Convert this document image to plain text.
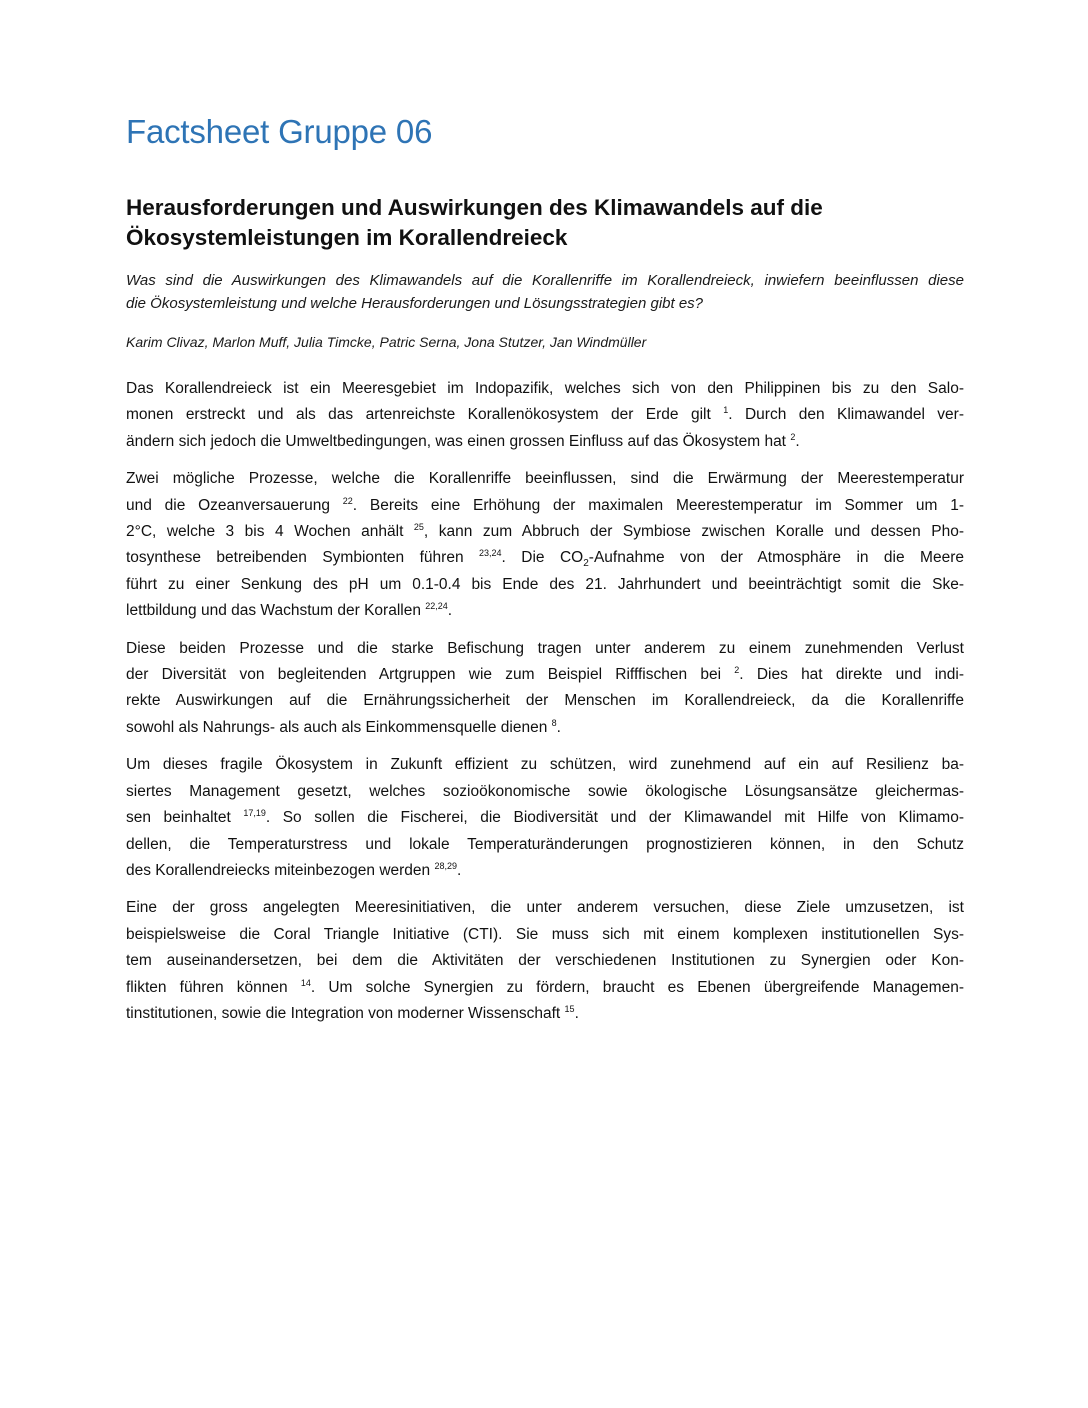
Factsheet Gruppe 06
Herausforderungen und Auswirkungen des Klimawandels auf die
Ökosystemleistungen im Korallendreieck

Was sind die Auswirkungen des Klimawandels auf die Korallenriffe im Korallendreieck, inwiefern beeinflussen diese
die Ökosystemleistung und welche Herausforderungen und Lösungsstrategien gibt es?

Karim Clivaz, Marlon Muff, Julia Timcke, Patric Serna, Jona Stutzer, Jan Windmüller

Das Korallendreieck ist ein Meeresgebiet im Indopazifik, welches sich von den Philippinen bis zu den Salo-
monen erstreckt und als das artenreichste Korallenökosystem der Erde gilt $^1$. Durch den Klimawandel ver-
ändern sich jedoch die Umweltbedingungen, was einen grossen Einfluss auf das Ökosystem hat $^2$.

Zwei mögliche Prozesse, welche die Korallenriffe beeinflussen, sind die Erwärmung der Meerestemperatur
und die Ozeanversauerung $^{22}$. Bereits eine Erhöhung der maximalen Meerestemperatur im Sommer um 1-
2°C, welche 3 bis 4 Wochen anhält $^{25}$, kann zum Abbruch der Symbiose zwischen Koralle und dessen Pho-
tosynthese betreibenden Symbionten führen $^{23,24}$. Die $CO_2$-Aufnahme von der Atmosphäre in die Meere
führt zu einer Senkung des pH um 0.1-0.4 bis Ende des 21. Jahrhundert und beeinträchtigt somit die Ske-
lettbildung und das Wachstum der Korallen $^{22,24}$.

Diese beiden Prozesse und die starke Befischung tragen unter anderem zu einem zunehmenden Verlust
der Diversität von begleitenden Artgruppen wie zum Beispiel Rifffischen bei $^2$. Dies hat direkte und indi-
rekte Auswirkungen auf die Ernährungssicherheit der Menschen im Korallendreieck, da die Korallenriffe
sowohl als Nahrungs- als auch als Einkommensquelle dienen $^8$.

Um dieses fragile Ökosystem in Zukunft effizient zu schützen, wird zunehmend auf ein auf Resilienz ba-
siertes Management gesetzt, welches sozioökonomische sowie ökologische Lösungsansätze gleichermas-
sen beinhaltet $^{17,19}$. So sollen die Fischerei, die Biodiversität und der Klimawandel mit Hilfe von Klimamo-
dellen, die Temperaturstress und lokale Temperaturänderungen prognostizieren können, in den Schutz
des Korallendreiecks miteinbezogen werden $^{28,29}$.

Eine der gross angelegten Meeresinitiativen, die unter anderem versuchen, diese Ziele umzusetzen, ist
beispielsweise die Coral Triangle Initiative (CTI). Sie muss sich mit einem komplexen institutionellen Sys-
tem auseinandersetzen, bei dem die Aktivitäten der verschiedenen Institutionen zu Synergien oder Kon-
flikten führen können $^{14}$. Um solche Synergien zu fördern, braucht es Ebenen übergreifende Managemen-
tinstitutionen, sowie die Integration von moderner Wissenschaft $^{15}$.
